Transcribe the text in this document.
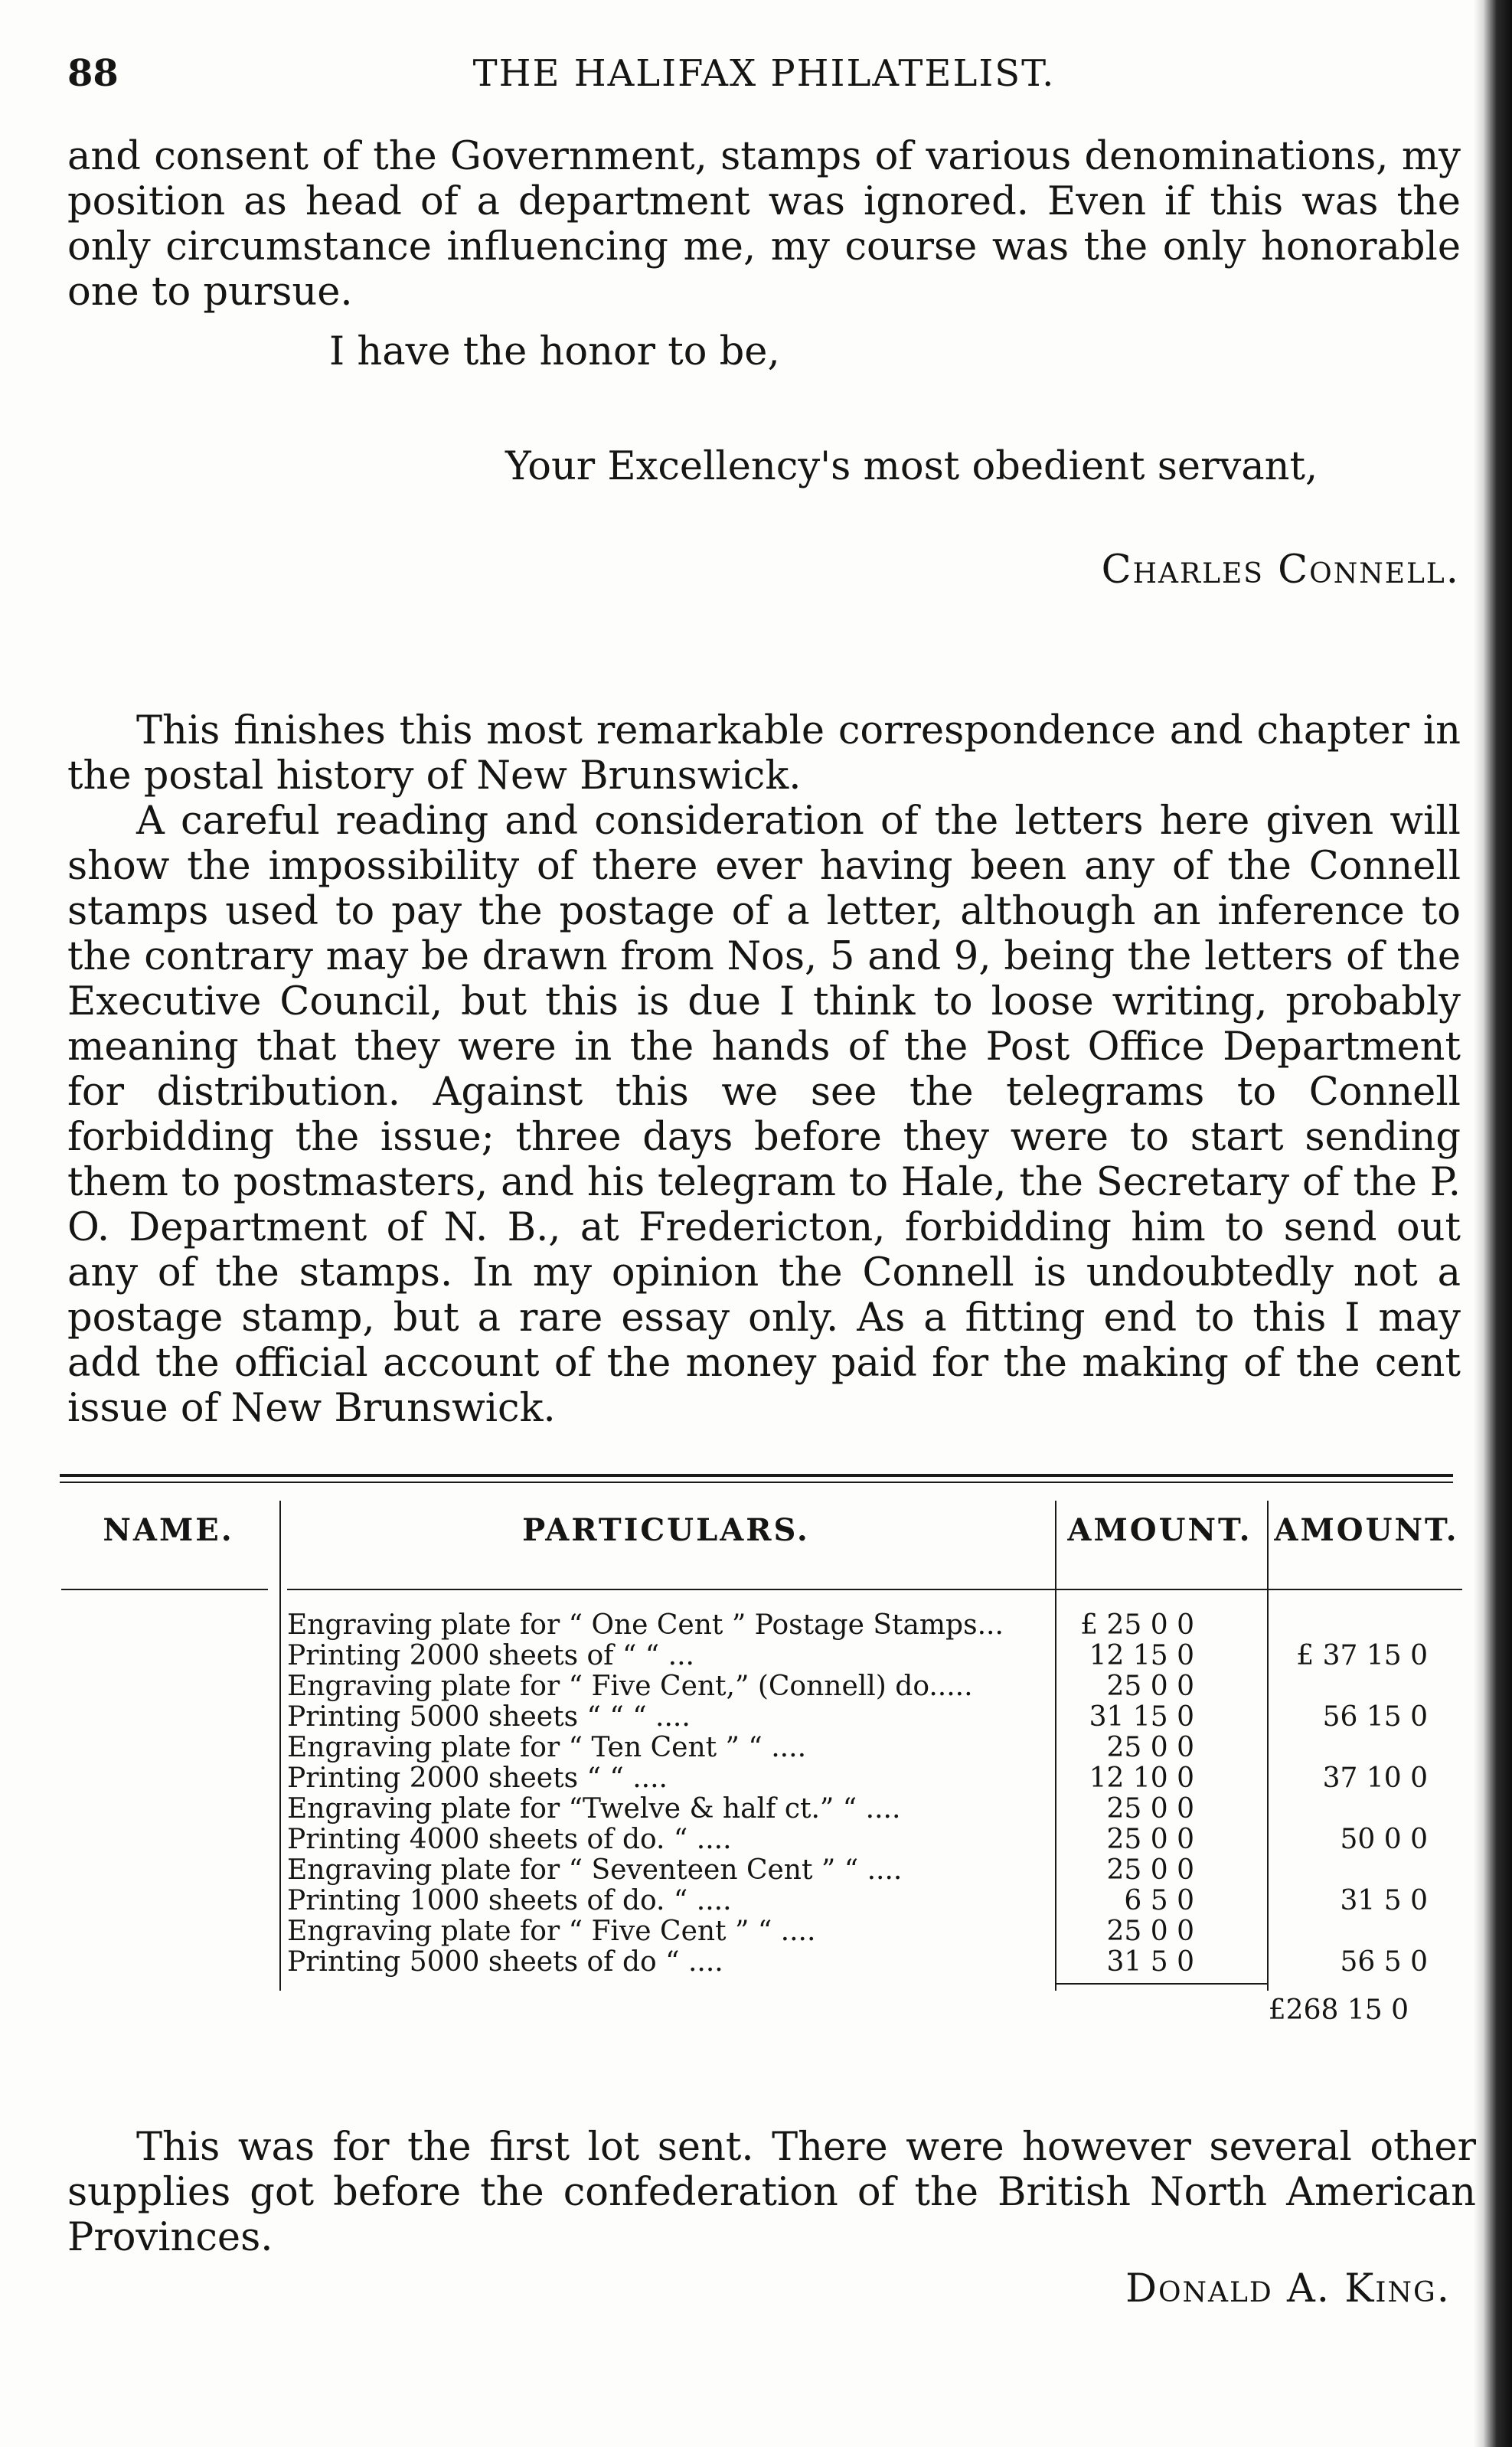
88	THE HALIFAX PHILATELIST.

and consent of the Government, stamps of various denominations, my position as head of a department was ignored. Even if this was the only circumstance influencing me, my course was the only honorable one to pursue.

I have the honor to be,
Your Excellency's most obedient servant,
Charles Connell.

This finishes this most remarkable correspondence and chapter in the postal history of New Brunswick.

A careful reading and consideration of the letters here given will show the impossibility of there ever having been any of the Connell stamps used to pay the postage of a letter, although an inference to the contrary may be drawn from Nos, 5 and 9, being the letters of the Executive Council, but this is due I think to loose writing, probably meaning that they were in the hands of the Post Office Department for distribution. Against this we see the telegrams to Connell forbidding the issue; three days before they were to start sending them to postmasters, and his telegram to Hale, the Secretary of the P. O. Department of N. B., at Fredericton, forbidding him to send out any of the stamps. In my opinion the Connell is undoubtedly not a postage stamp, but a rare essay only. As a fitting end to this I may add the official account of the money paid for the making of the cent issue of New Brunswick.

NAME.	PARTICULARS.	AMOUNT. AMOUNT.
Engraving plate for “ One Cent ” Postage Stamps...	£ 25 0 0
Printing 2000 sheets of “ “ ...	12 15 0	£ 37 15 0
Engraving plate for “ Five Cent,” (Connell) do.....	25 0 0
Printing 5000 sheets “ “ “ ....	31 15 0	56 15 0
Engraving plate for “ Ten Cent ” “ ....	25 0 0
Printing 2000 sheets “ “ ....	12 10 0	37 10 0
Engraving plate for “Twelve & half ct.” “ ....	25 0 0
Printing 4000 sheets of do. “ ....	25 0 0	50 0 0
Engraving plate for “ Seventeen Cent ” “ ....	25 0 0
Printing 1000 sheets of do. “ ....	6 5 0	31 5 0
Engraving plate for “ Five Cent ” “ ....	25 0 0
Printing 5000 sheets of do “ ....	31 5 0	56 5 0
£268 15 0

This was for the first lot sent. There were however several other supplies got before the confederation of the British North American Provinces.

Donald A. King.
